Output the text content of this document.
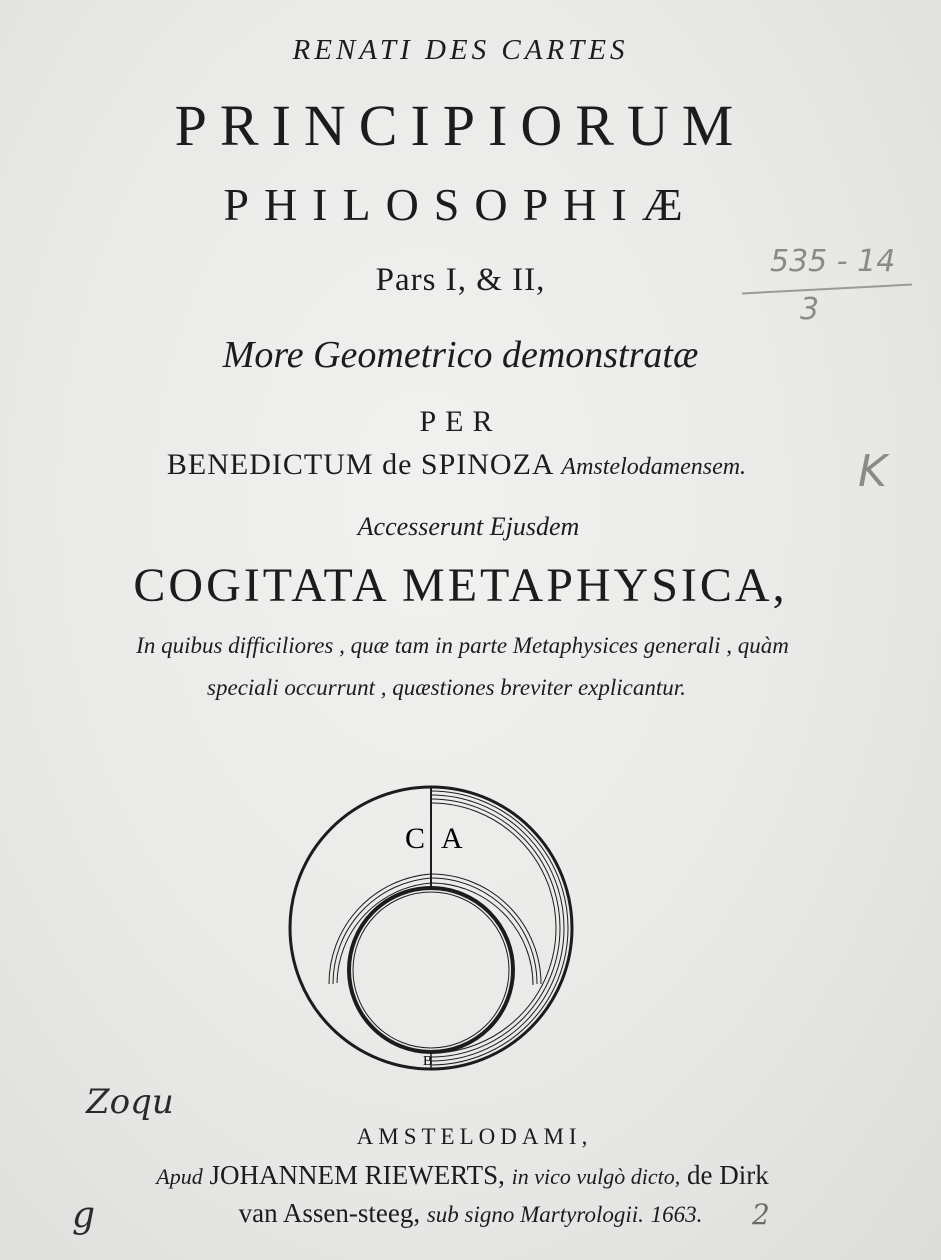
RENATI DES CARTES
PRINCIPIORUM
PHILOSOPHIÆ
Pars I, & II,
More Geometrico demonstratæ
PER
BENEDICTUM de SPINOZA Amstelodamensem.
Accesserunt Ejusdem
COGITATA METAPHYSICA,
In quibus difficiliores , quæ tam in parte Metaphysices generali , quàm
speciali occurrunt , quæstiones breviter explicantur.
C A
B
AMSTELODAMI,
Apud JOHANNEM RIEWERTS, in vico vulgò dicto, de Dirk
van Assen-steeg, sub signo Martyrologii. 1663.
535 - 14
3
K
Zoqu
g	2
